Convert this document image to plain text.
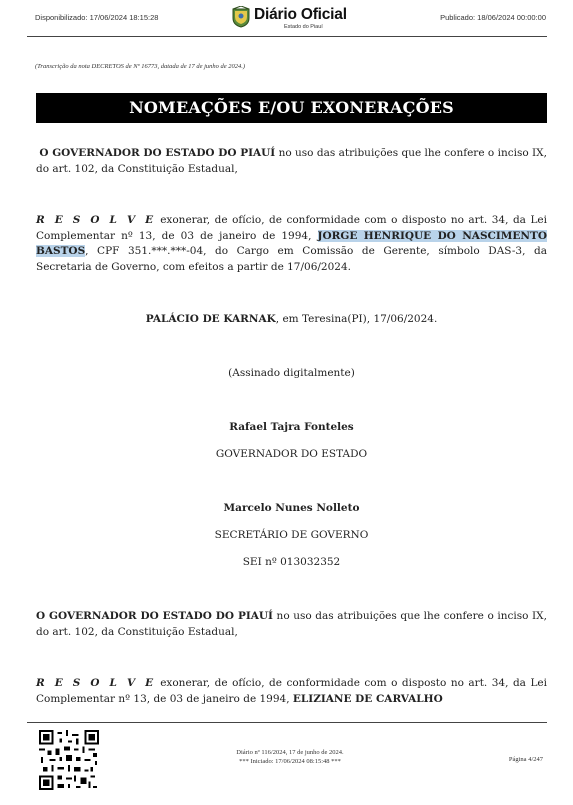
Disponibilizado: 17/06/2024 18:15:28	Diário Oficial
Estado do Piauí
Publicado: 18/06/2024 00:00:00
(Transcrição da nota DECRETOS de Nº 16773, datada de 17 de junho de 2024.)
NOMEAÇÕES E/OU EXONERAÇÕES
O GOVERNADOR DO ESTADO DO PIAUÍ no uso das atribuições que lhe confere o inciso IX, do art. 102, da Constituição Estadual,
R E S O L V E exonerar, de ofício, de conformidade com o disposto no art. 34, da Lei Complementar nº 13, de 03 de janeiro de 1994, JORGE HENRIQUE DO NASCIMENTO BASTOS, CPF 351.***.***-04, do Cargo em Comissão de Gerente, símbolo DAS-3, da Secretaria de Governo, com efeitos a partir de 17/06/2024.
PALÁCIO DE KARNAK, em Teresina(PI), 17/06/2024.
(Assinado digitalmente)
Rafael Tajra Fonteles
GOVERNADOR DO ESTADO
Marcelo Nunes Nolleto
SECRETÁRIO DE GOVERNO
SEI nº 013032352
O GOVERNADOR DO ESTADO DO PIAUÍ no uso das atribuições que lhe confere o inciso IX, do art. 102, da Constituição Estadual,
R E S O L V E exonerar, de ofício, de conformidade com o disposto no art. 34, da Lei Complementar nº 13, de 03 de janeiro de 1994, ELIZIANE DE CARVALHO
Diário nº 116/2024, 17 de junho de 2024.
*** Iniciado: 17/06/2024 08:15:48 ***	Página 4/247
